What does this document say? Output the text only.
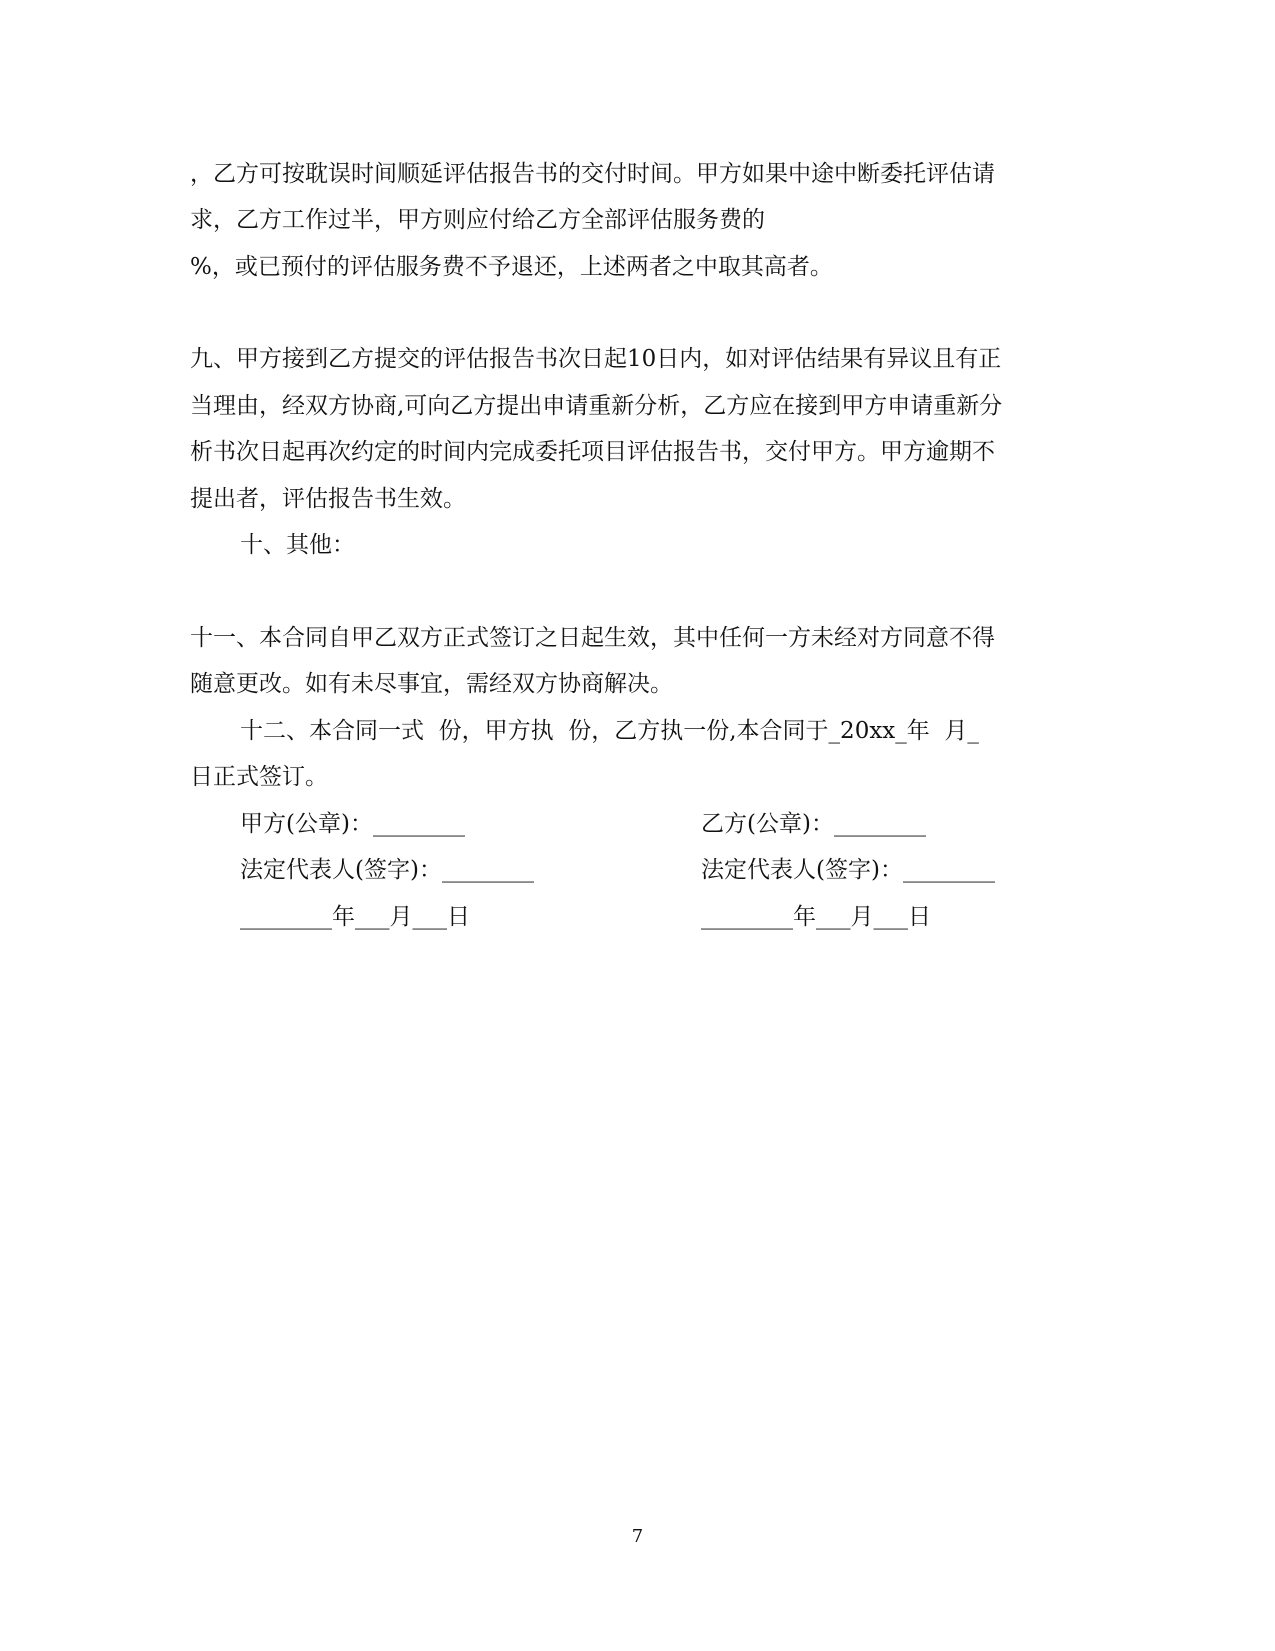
，乙方可按耽误时间顺延评估报告书的交付时间。甲方如果中途中断委托评估请
求，乙方工作过半，甲方则应付给乙方全部评估服务费的
%，或已预付的评估服务费不予退还，上述两者之中取其高者。
九、甲方接到乙方提交的评估报告书次日起10日内，如对评估结果有异议且有正
当理由，经双方协商,可向乙方提出申请重新分析，乙方应在接到甲方申请重新分
析书次日起再次约定的时间内完成委托项目评估报告书，交付甲方。甲方逾期不
提出者，评估报告书生效。
十、其他：
十一、本合同自甲乙双方正式签订之日起生效，其中任何一方未经对方同意不得
随意更改。如有未尽事宜，需经双方协商解决。
十二、本合同一式  份，甲方执  份，乙方执一份,本合同于_20xx_年  月_
日正式签订。
甲方(公章)：________	乙方(公章)：________
法定代表人(签字)：________	法定代表人(签字)：________
________年___月___日	________年___月___日
7
